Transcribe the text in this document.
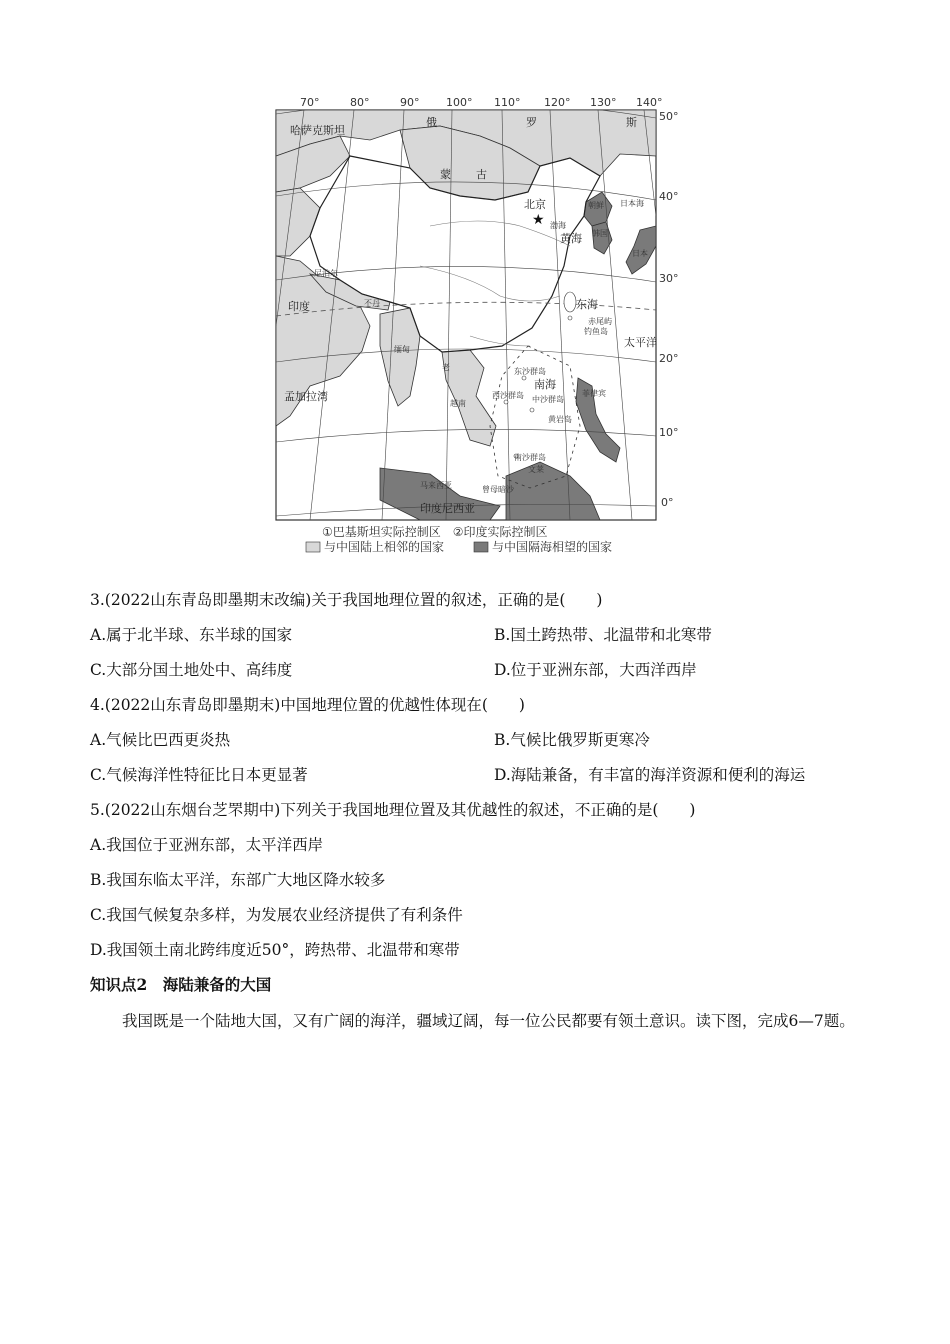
70°	80°	90° 100° 110° 120° 130° 140°
50°
40°
30°
20°
10°
0°
★
哈萨克斯坦
俄	罗	斯
蒙 古
北京
印度
尼泊尔
不丹
缅甸
老
越南
朝鲜
韩国
日本
菲律宾
马来西亚
文莱
印度尼西亚
日本海
渤海
黄海
东海
太平洋
南海
孟加拉湾
赤尾屿
钓鱼岛
东沙群岛
西沙群岛 中沙群岛
黄岩岛
南沙群岛
曾母暗沙
①巴基斯坦实际控制区　②印度实际控制区
与中国陆上相邻的国家	与中国隔海相望的国家
3.(2022山东青岛即墨期末改编)关于我国地理位置的叙述，正确的是(　　)
A.属于北半球、东半球的国家	B.国土跨热带、北温带和北寒带
C.大部分国土地处中、高纬度	D.位于亚洲东部，大西洋西岸
4.(2022山东青岛即墨期末)中国地理位置的优越性体现在(　　)
A.气候比巴西更炎热	B.气候比俄罗斯更寒冷
C.气候海洋性特征比日本更显著	D.海陆兼备，有丰富的海洋资源和便利的海运
5.(2022山东烟台芝罘期中)下列关于我国地理位置及其优越性的叙述，不正确的是(　　)
A.我国位于亚洲东部，太平洋西岸
B.我国东临太平洋，东部广大地区降水较多
C.我国气候复杂多样，为发展农业经济提供了有利条件
D.我国领土南北跨纬度近50°，跨热带、北温带和寒带
知识点2　海陆兼备的大国
我国既是一个陆地大国，又有广阔的海洋，疆域辽阔，每一位公民都要有领土意识。读下图，完成6—7题。
